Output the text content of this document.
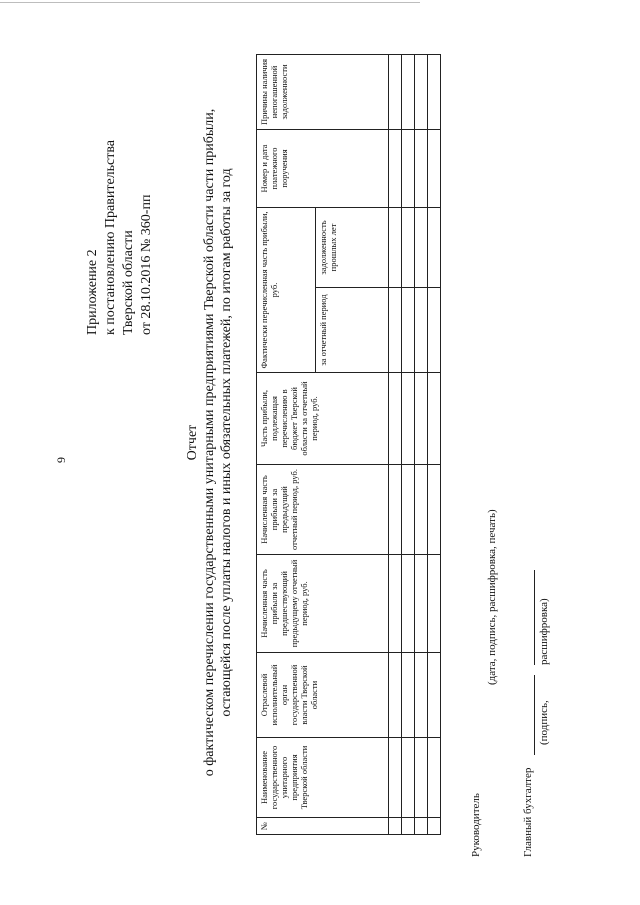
9
Приложение 2 к постановлению Правительства Тверской области от 28.10.2016 № 360-пп
Отчет о фактическом перечислении государственными унитарными предприятиями Тверской области части прибыли, остающейся после уплаты налогов и иных обязательных платежей, по итогам работы за год
№	Наименование государственного унитарного предприятия Тверской области	Отраслевой исполнительный орган государственной власти Тверской области	Начисленная часть прибыли за предшествующий предыдущему отчетный период, руб.	Начисленная часть прибыли за предыдущий отчетный период, руб.	Часть прибыли, подлежащая перечислению в бюджет Тверской области за отчетный период, руб.	Фактически перечисленная часть прибыли, руб.		Номер и дата платежного поручения	Причины наличия непогашенной задолженности
						за отчетный период	задолженность прошлых лет		

Руководитель
(дата, подпись, расшифровка, печать)
Главный бухгалтер
(подпись,
расшифровка)
